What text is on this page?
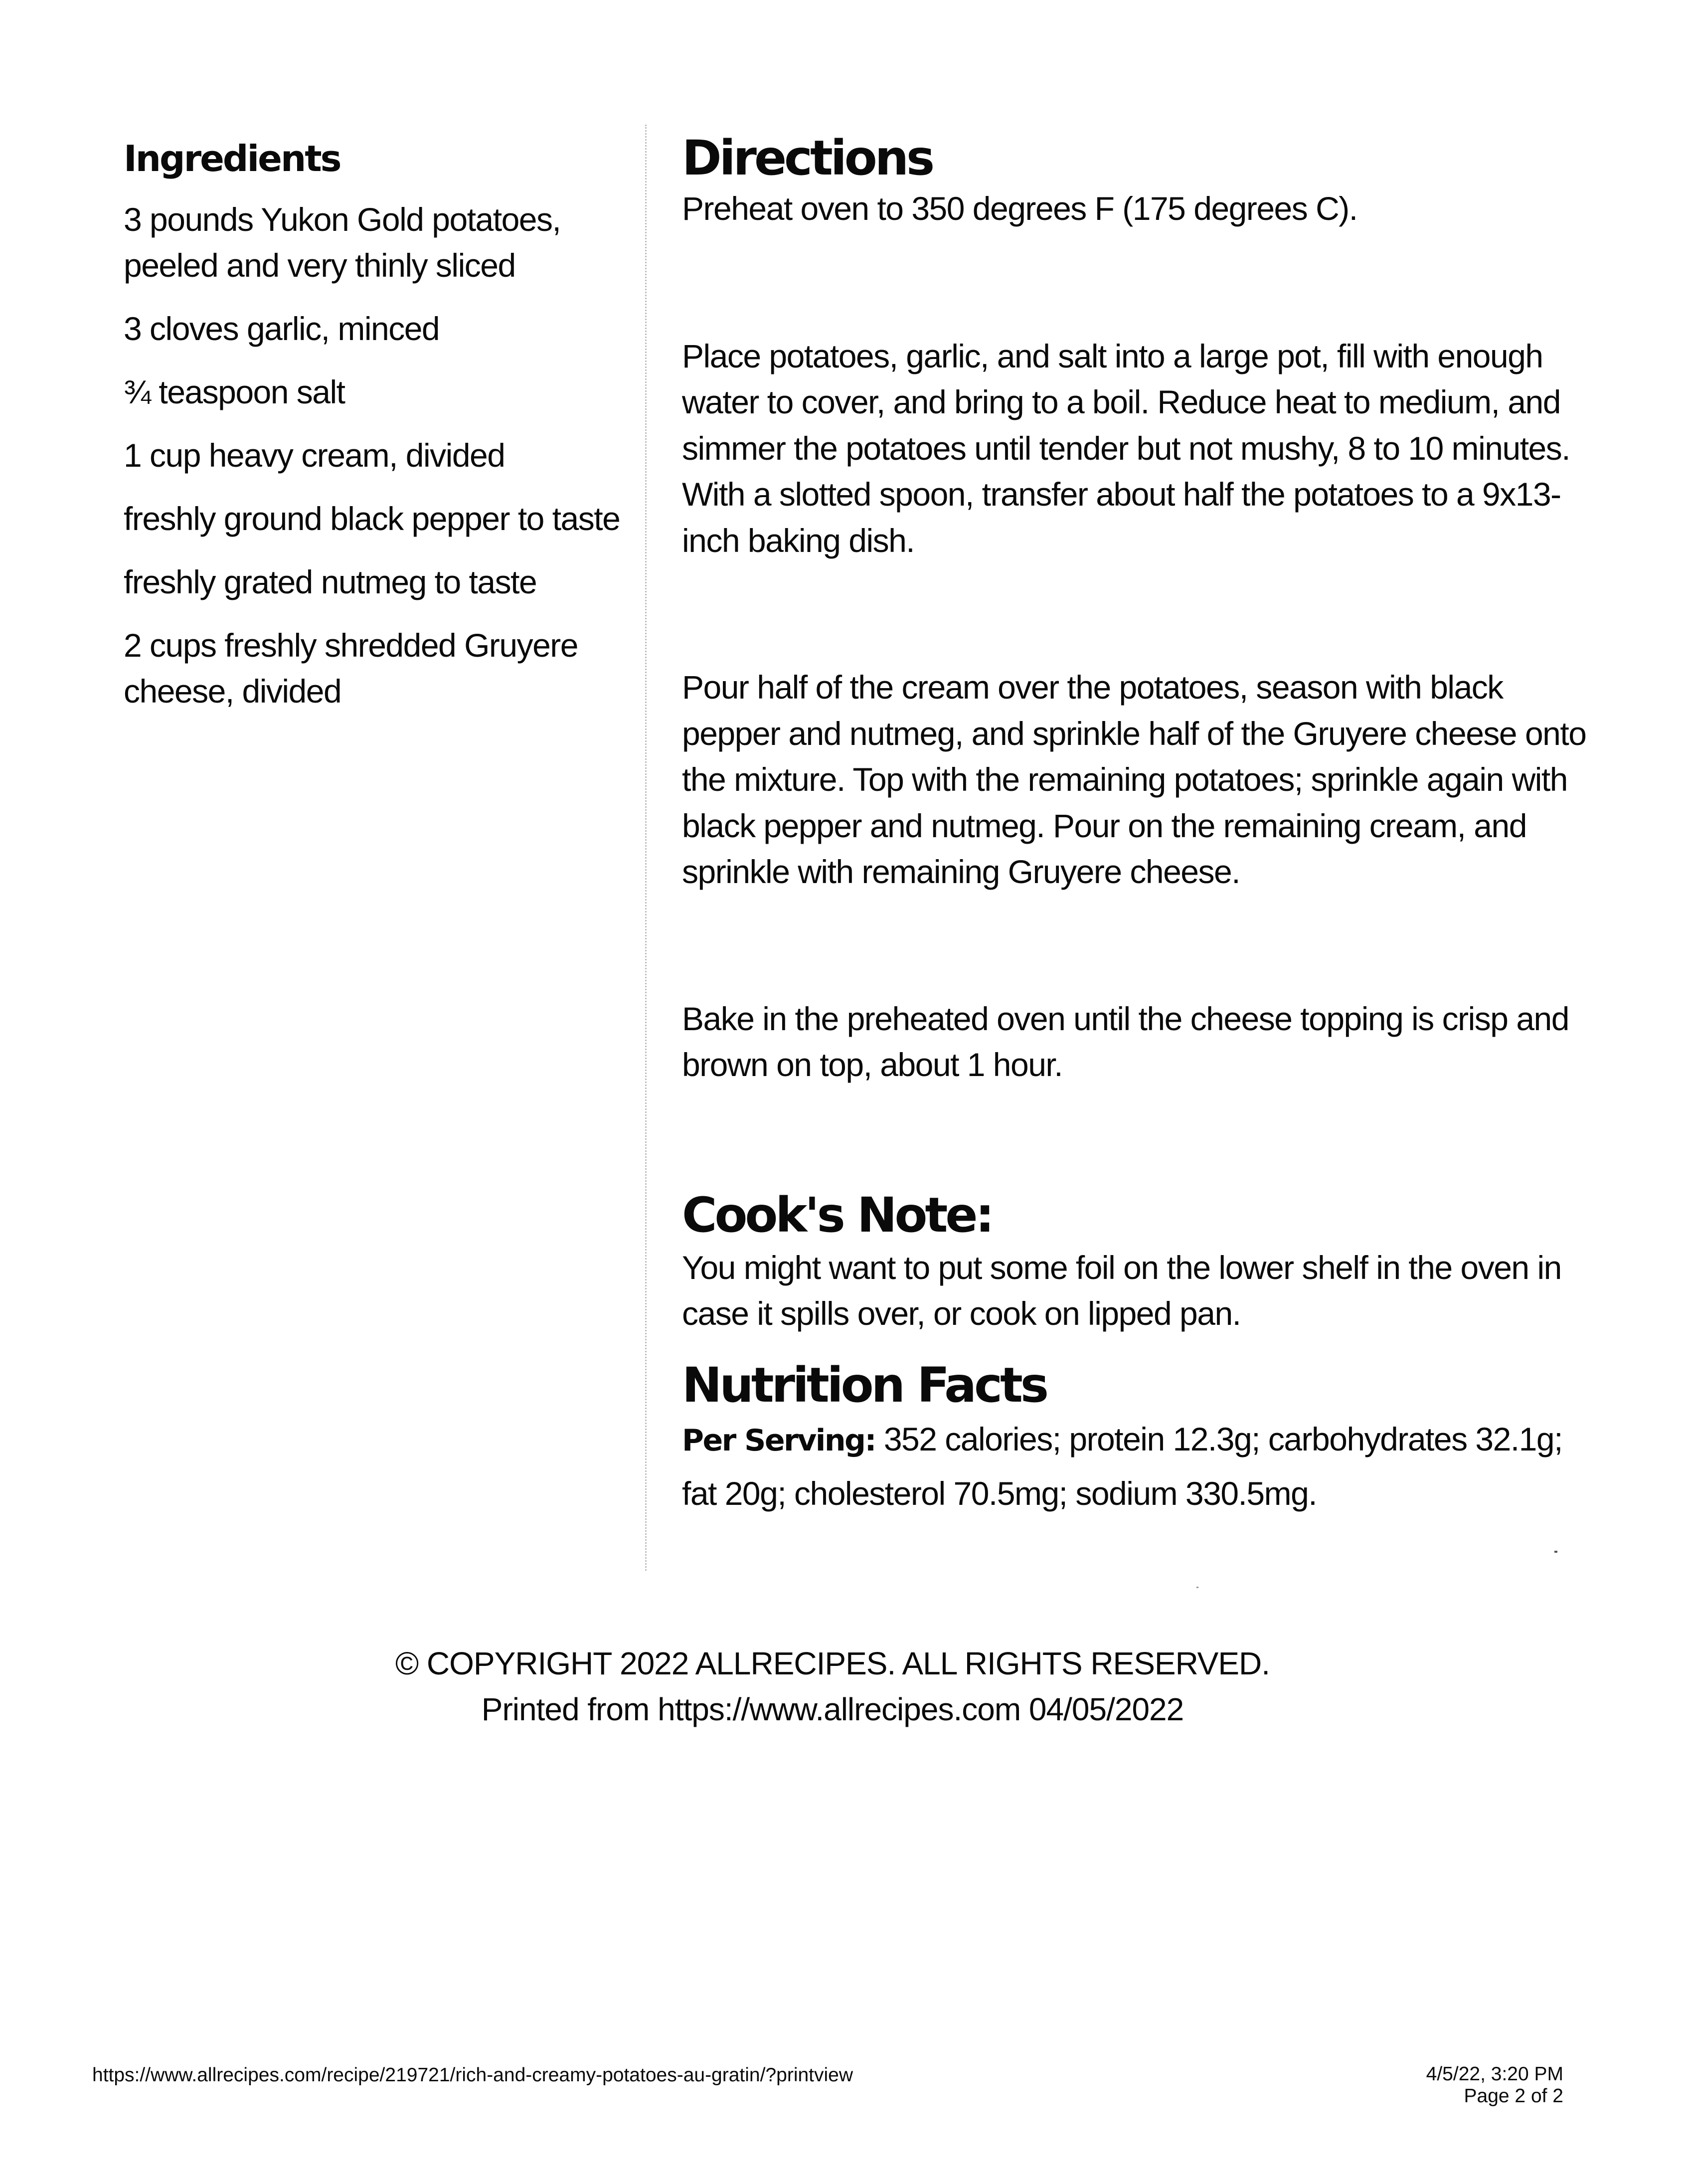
Ingredients
3 pounds Yukon Gold potatoes, peeled and very thinly sliced
3 cloves garlic, minced
¾ teaspoon salt
1 cup heavy cream, divided
freshly ground black pepper to taste
freshly grated nutmeg to taste
2 cups freshly shredded Gruyere cheese, divided
Directions

Preheat oven to 350 degrees F (175 degrees C).

Place potatoes, garlic, and salt into a large pot, fill with enough water to cover, and bring to a boil. Reduce heat to medium, and simmer the potatoes until tender but not mushy, 8 to 10 minutes. With a slotted spoon, transfer about half the potatoes to a 9x13-inch baking dish.

Pour half of the cream over the potatoes, season with black pepper and nutmeg, and sprinkle half of the Gruyere cheese onto the mixture. Top with the remaining potatoes; sprinkle again with black pepper and nutmeg. Pour on the remaining cream, and sprinkle with remaining Gruyere cheese.

Bake in the preheated oven until the cheese topping is crisp and brown on top, about 1 hour.

Cook's Note:

You might want to put some foil on the lower shelf in the oven in case it spills over, or cook on lipped pan.

Nutrition Facts

Per Serving: 352 calories; protein 12.3g; carbohydrates 32.1g; fat 20g; cholesterol 70.5mg; sodium 330.5mg.

© COPYRIGHT 2022 ALLRECIPES. ALL RIGHTS RESERVED.
Printed from https://www.allrecipes.com 04/05/2022
https://www.allrecipes.com/recipe/219721/rich-and-creamy-potatoes-au-gratin/?printview	4/5/22, 3:20 PM
Page 2 of 2
